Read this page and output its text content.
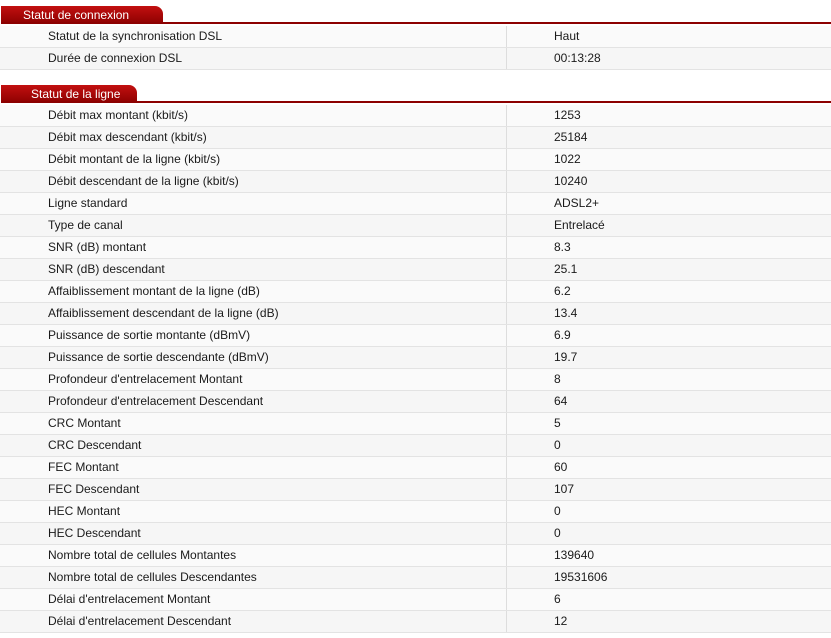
Statut de connexion
Statut de la synchronisation DSL	Haut
Durée de connexion DSL	00:13:28
Statut de la ligne
Débit max montant (kbit/s)	1253
Débit max descendant (kbit/s)	25184
Débit montant de la ligne (kbit/s)	1022
Débit descendant de la ligne (kbit/s)	10240
Ligne standard	ADSL2+
Type de canal	Entrelacé
SNR (dB) montant	8.3
SNR (dB) descendant	25.1
Affaiblissement montant de la ligne (dB)	6.2
Affaiblissement descendant de la ligne (dB)	13.4
Puissance de sortie montante (dBmV)	6.9
Puissance de sortie descendante (dBmV)	19.7
Profondeur d'entrelacement Montant	8
Profondeur d'entrelacement Descendant	64
CRC Montant	5
CRC Descendant	0
FEC Montant	60
FEC Descendant	107
HEC Montant	0
HEC Descendant	0
Nombre total de cellules Montantes	139640
Nombre total de cellules Descendantes	19531606
Délai d'entrelacement Montant	6
Délai d'entrelacement Descendant	12
